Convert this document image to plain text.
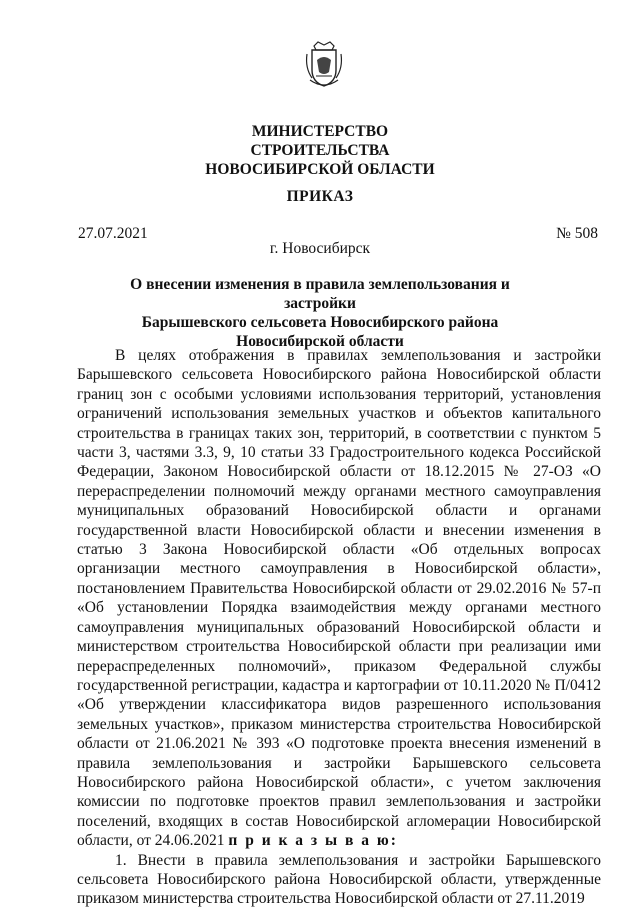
МИНИСТЕРСТВО
СТРОИТЕЛЬСТВА
НОВОСИБИРСКОЙ ОБЛАСТИ
ПРИКАЗ
27.07.2021	№ 508
г. Новосибирск
О внесении изменения в правила землепользования и застройки
Барышевского сельсовета Новосибирского района
Новосибирской области

В целях отображения в правилах землепользования и застройки Барышевского сельсовета Новосибирского района Новосибирской области границ зон с особыми условиями использования территорий, установления ограничений использования земельных участков и объектов капитального строительства в границах таких зон, территорий, в соответствии с пунктом 5 части 3, частями 3.3, 9, 10 статьи 33 Градостроительного кодекса Российской Федерации, Законом Новосибирской области от 18.12.2015 № 27-ОЗ «О перераспределении полномочий между органами местного самоуправления муниципальных образований Новосибирской области и органами государственной власти Новосибирской области и внесении изменения в статью 3 Закона Новосибирской области «Об отдельных вопросах организации местного самоуправления в Новосибирской области», постановлением Правительства Новосибирской области от 29.02.2016 № 57-п «Об установлении Порядка взаимодействия между органами местного самоуправления муниципальных образований Новосибирской области и министерством строительства Новосибирской области при реализации ими перераспределенных полномочий», приказом Федеральной службы государственной регистрации, кадастра и картографии от 10.11.2020 № П/0412 «Об утверждении классификатора видов разрешенного использования земельных участков», приказом министерства строительства Новосибирской области от 21.06.2021 № 393 «О подготовке проекта внесения изменений в правила землепользования и застройки Барышевского сельсовета Новосибирского района Новосибирской области», с учетом заключения комиссии по подготовке проектов правил землепользования и застройки поселений, входящих в состав Новосибирской агломерации Новосибирской области, от 24.06.2021 п р и к а з ы в а ю:

1. Внести в правила землепользования и застройки Барышевского сельсовета Новосибирского района Новосибирской области, утвержденные приказом министерства строительства Новосибирской области от 27.11.2019
